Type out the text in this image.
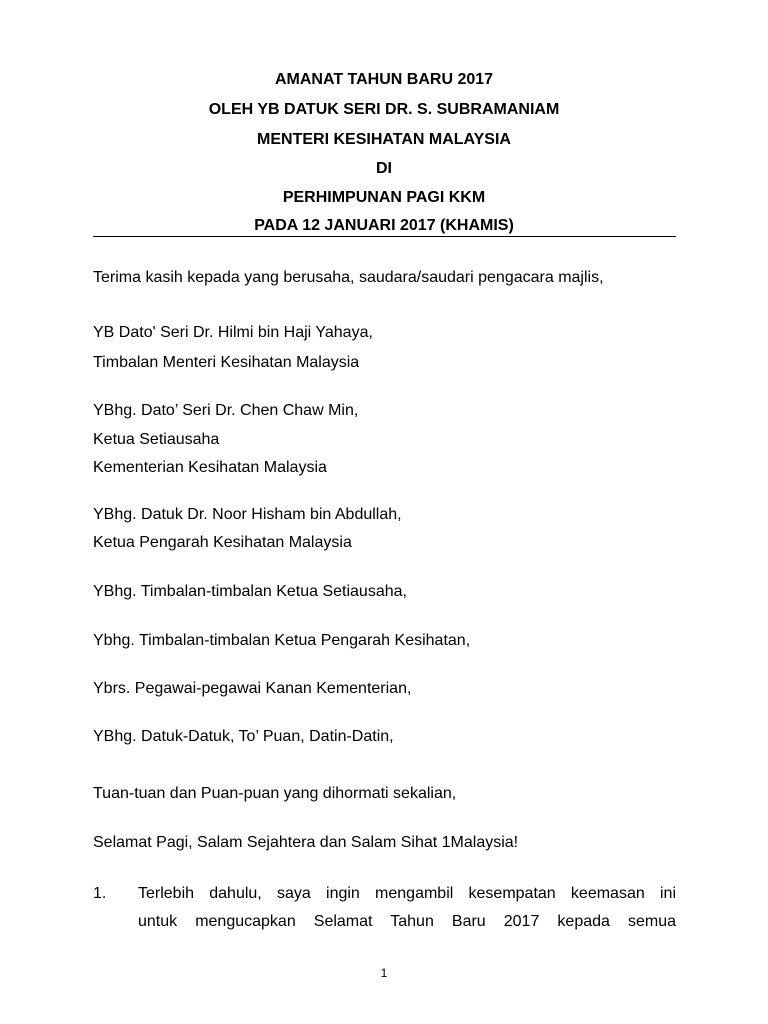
AMANAT TAHUN BARU 2017
OLEH YB DATUK SERI DR. S. SUBRAMANIAM
MENTERI KESIHATAN MALAYSIA
DI
PERHIMPUNAN PAGI KKM
PADA 12 JANUARI 2017 (KHAMIS)
Terima kasih kepada yang berusaha, saudara/saudari pengacara majlis,
YB Dato' Seri Dr. Hilmi bin Haji Yahaya,
Timbalan Menteri Kesihatan Malaysia
YBhg. Dato’ Seri Dr. Chen Chaw Min,
Ketua Setiausaha
Kementerian Kesihatan Malaysia
YBhg. Datuk Dr. Noor Hisham bin Abdullah,
Ketua Pengarah Kesihatan Malaysia
YBhg. Timbalan-timbalan Ketua Setiausaha,
Ybhg. Timbalan-timbalan Ketua Pengarah Kesihatan,
Ybrs. Pegawai-pegawai Kanan Kementerian,
YBhg. Datuk-Datuk, To’ Puan, Datin-Datin,
Tuan-tuan dan Puan-puan yang dihormati sekalian,
Selamat Pagi, Salam Sejahtera dan Salam Sihat 1Malaysia!
1. Terlebih dahulu, saya ingin mengambil kesempatan keemasan ini
untuk mengucapkan Selamat Tahun Baru 2017 kepada semua
1
